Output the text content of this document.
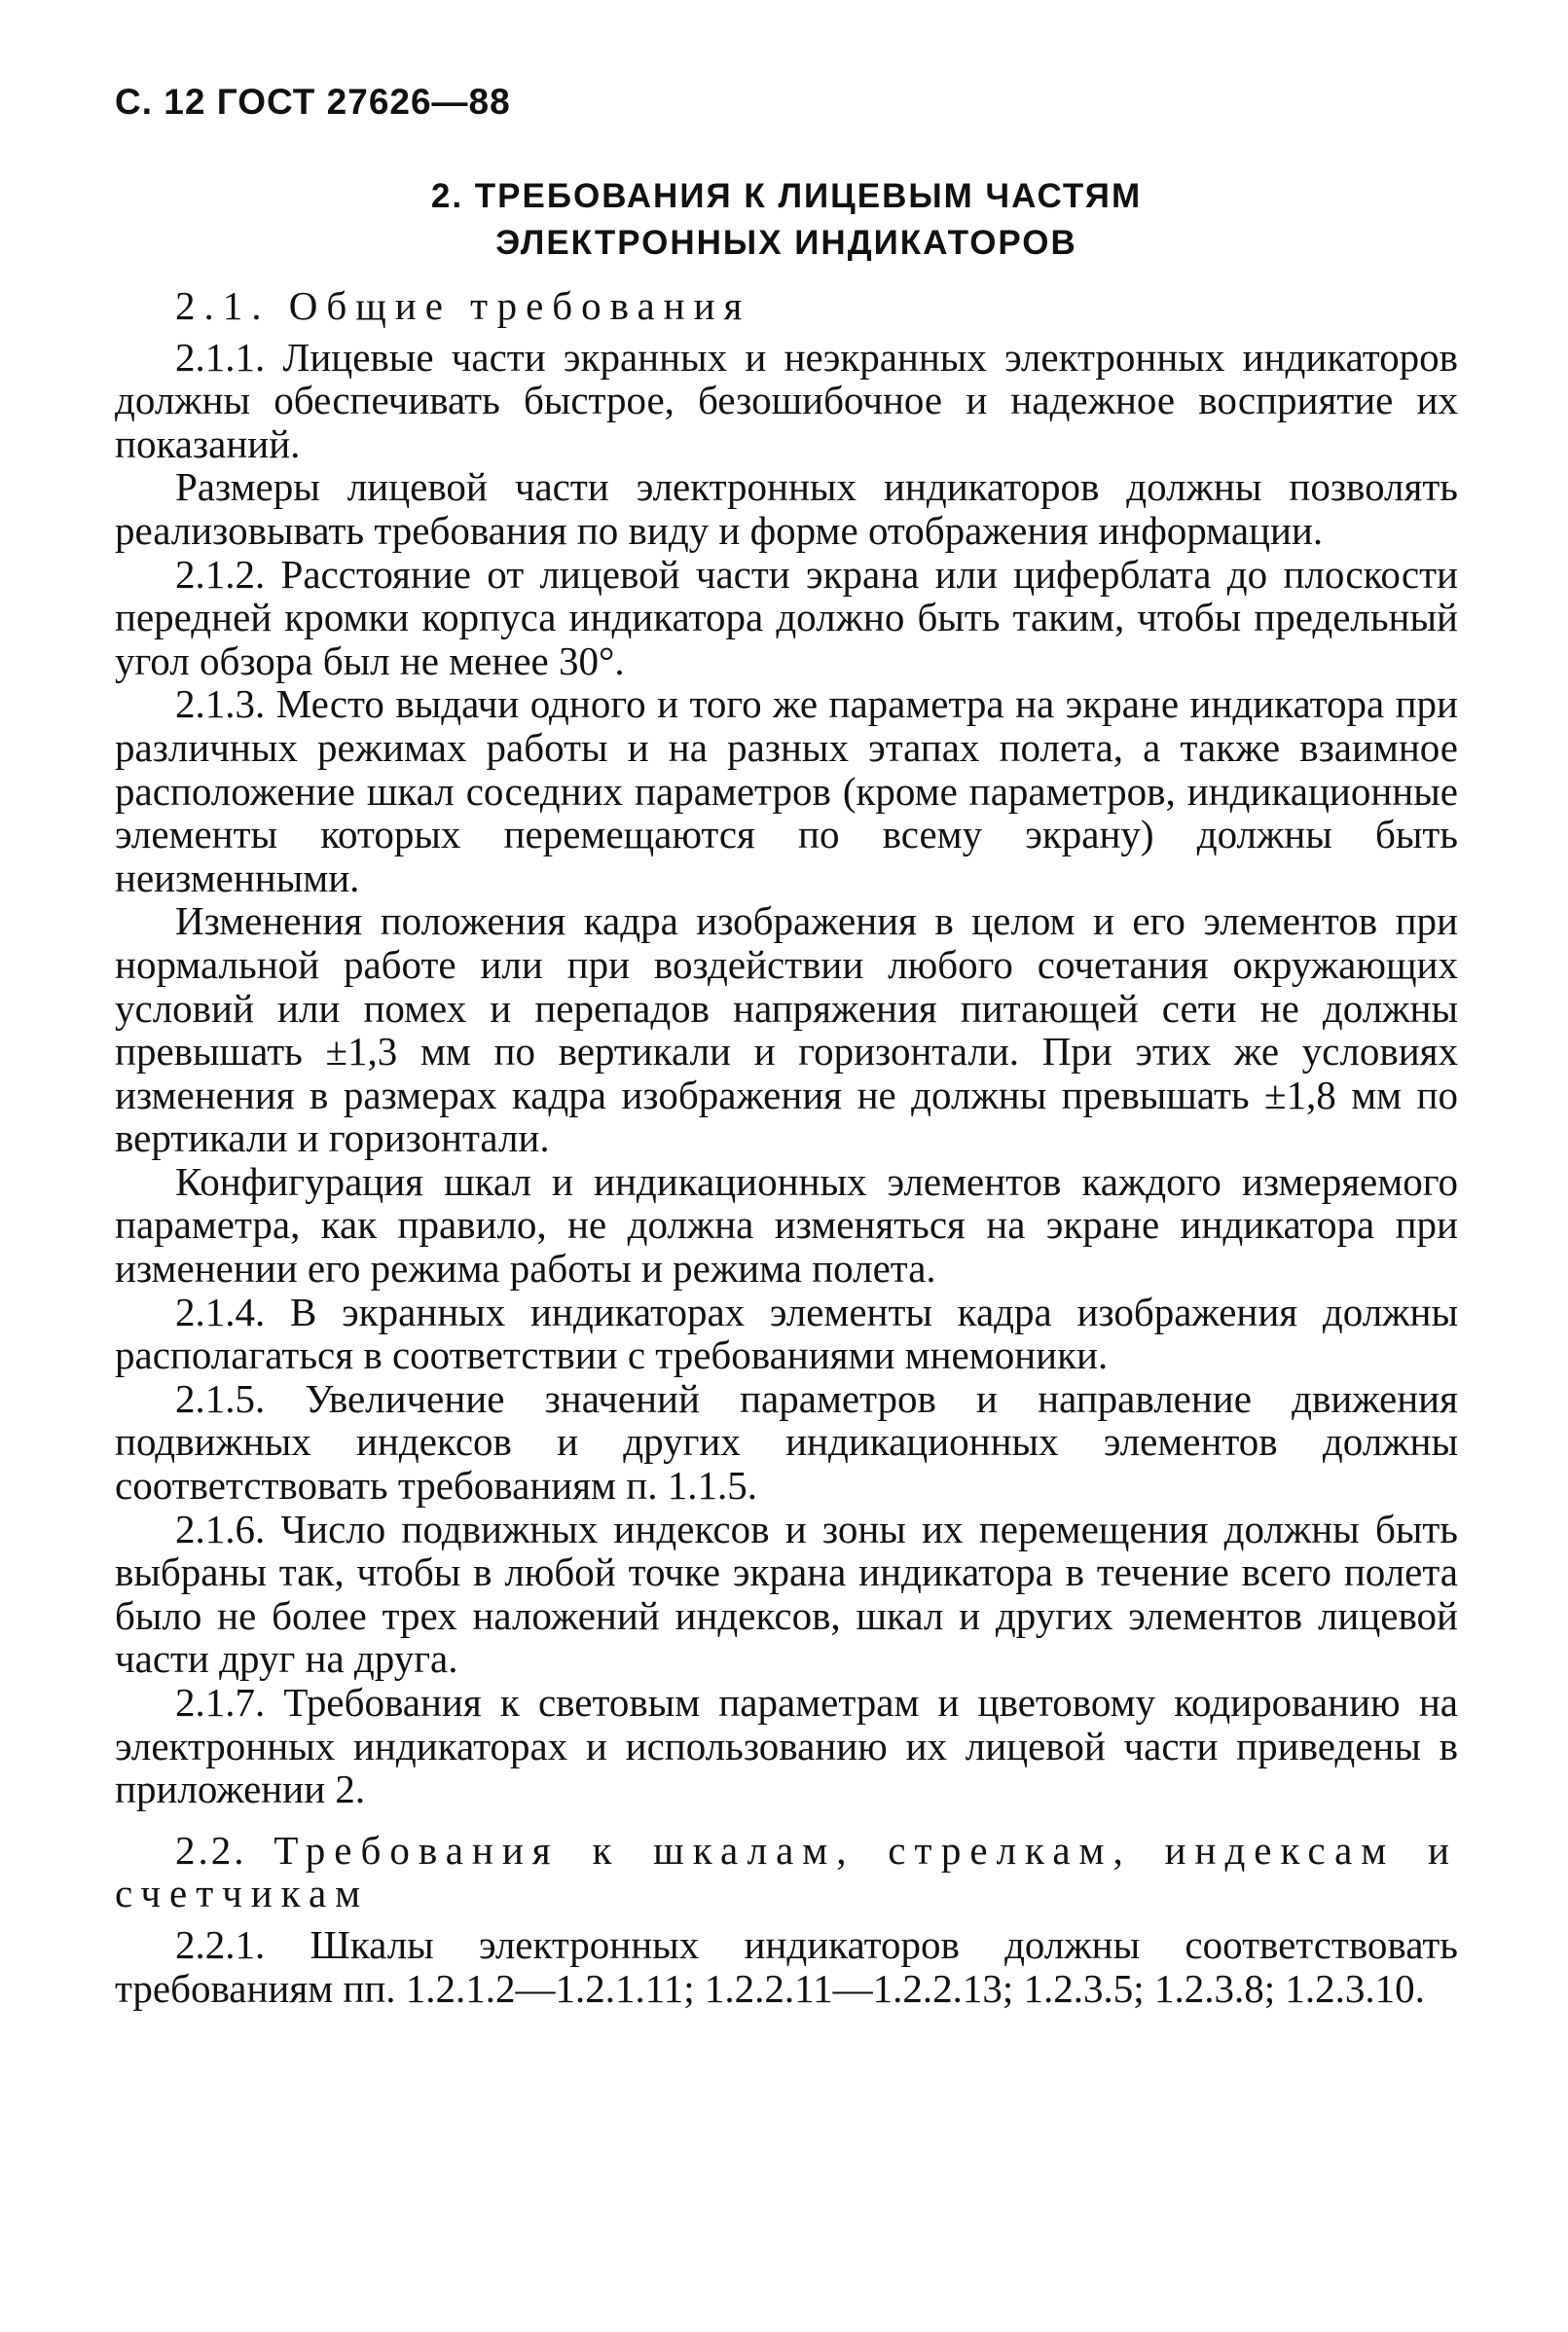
С. 12 ГОСТ 27626—88
2. ТРЕБОВАНИЯ К ЛИЦЕВЫМ ЧАСТЯМ
ЭЛЕКТРОННЫХ ИНДИКАТОРОВ

2.1. Общие требования

2.1.1. Лицевые части экранных и неэкранных электронных индикаторов должны обеспечивать быстрое, безошибочное и надежное восприятие их показаний.

Размеры лицевой части электронных индикаторов должны позволять реализовывать требования по виду и форме отображения информации.

2.1.2. Расстояние от лицевой части экрана или циферблата до плоскости передней кромки корпуса индикатора должно быть таким, чтобы предельный угол обзора был не менее 30°.

2.1.3. Место выдачи одного и того же параметра на экране индикатора при различных режимах работы и на разных этапах полета, а также взаимное расположение шкал соседних параметров (кроме параметров, индикационные элементы которых перемещаются по всему экрану) должны быть неизменными.

Изменения положения кадра изображения в целом и его элементов при нормальной работе или при воздействии любого сочетания окружающих условий или помех и перепадов напряжения питающей сети не должны превышать ±1,3 мм по вертикали и горизонтали. При этих же условиях изменения в размерах кадра изображения не должны превышать ±1,8 мм по вертикали и горизонтали.

Конфигурация шкал и индикационных элементов каждого измеряемого параметра, как правило, не должна изменяться на экране индикатора при изменении его режима работы и режима полета.

2.1.4. В экранных индикаторах элементы кадра изображения должны располагаться в соответствии с требованиями мнемоники.

2.1.5. Увеличение значений параметров и направление движения подвижных индексов и других индикационных элементов должны соответствовать требованиям п. 1.1.5.

2.1.6. Число подвижных индексов и зоны их перемещения должны быть выбраны так, чтобы в любой точке экрана индикатора в течение всего полета было не более трех наложений индексов, шкал и других элементов лицевой части друг на друга.

2.1.7. Требования к световым параметрам и цветовому кодированию на электронных индикаторах и использованию их лицевой части приведены в приложении 2.

2.2. Требования к шкалам, стрелкам, индексам и счетчикам

2.2.1. Шкалы электронных индикаторов должны соответствовать требованиям пп. 1.2.1.2—1.2.1.11; 1.2.2.11—1.2.2.13; 1.2.3.5; 1.2.3.8; 1.2.3.10.
